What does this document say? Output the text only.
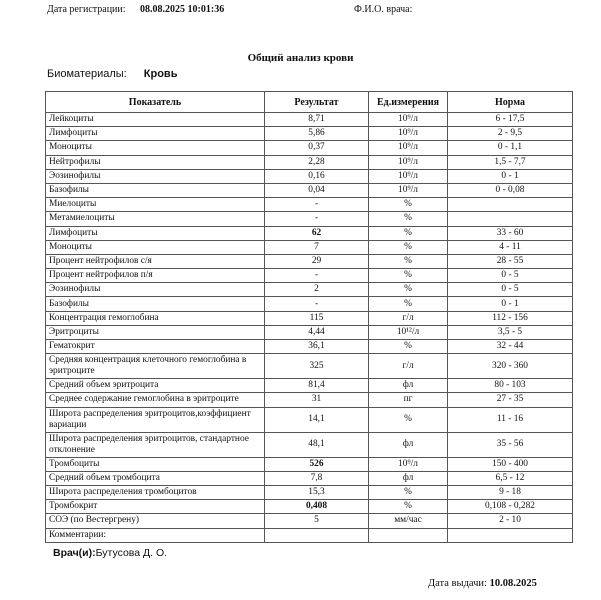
Дата регистрации: 08.08.2025 10:01:36	Ф.И.О. врача:
Общий анализ крови
Биоматериалы: Кровь
Показатель	Результат	Ед.измерения	Норма
Лейкоциты	8,71	10⁹/л	6 - 17,5
Лимфоциты	5,86	10⁹/л	2 - 9,5
Моноциты	0,37	10⁹/л	0 - 1,1
Нейтрофилы	2,28	10⁹/л	1,5 - 7,7
Эозинофилы	0,16	10⁹/л	0 - 1
Базофилы	0,04	10⁹/л	0 - 0,08
Миелоциты	-	%	
Метамиелоциты	-	%	
Лимфоциты	62	%	33 - 60
Моноциты	7	%	4 - 11
Процент нейтрофилов с/я	29	%	28 - 55
Процент нейтрофилов п/я	-	%	0 - 5
Эозинофилы	2	%	0 - 5
Базофилы	-	%	0 - 1
Концентрация гемоглобина	115	г/л	112 - 156
Эритроциты	4,44	10¹²/л	3,5 - 5
Гематокрит	36,1	%	32 - 44
Средняя концентрация клеточного гемоглобина в эритроците	325	г/л	320 - 360
Средний объем эритроцита	81,4	фл	80 - 103
Среднее содержание гемоглобина в эритроците	31	пг	27 - 35
Широта распределения эритроцитов,коэффициент вариации	14,1	%	11 - 16
Широта распределения эритроцитов, стандартное отклонение	48,1	фл	35 - 56
Тромбоциты	526	10⁹/л	150 - 400
Средний объем тромбоцита	7,8	фл	6,5 - 12
Широта распределения тромбоцитов	15,3	%	9 - 18
Тромбокрит	0,408	%	0,108 - 0,282
СОЭ (по Вестергрену)	5	мм/час	2 - 10
Комментарии:			
Врач(и):Бутусова Д. О.
Дата выдачи: 10.08.2025
